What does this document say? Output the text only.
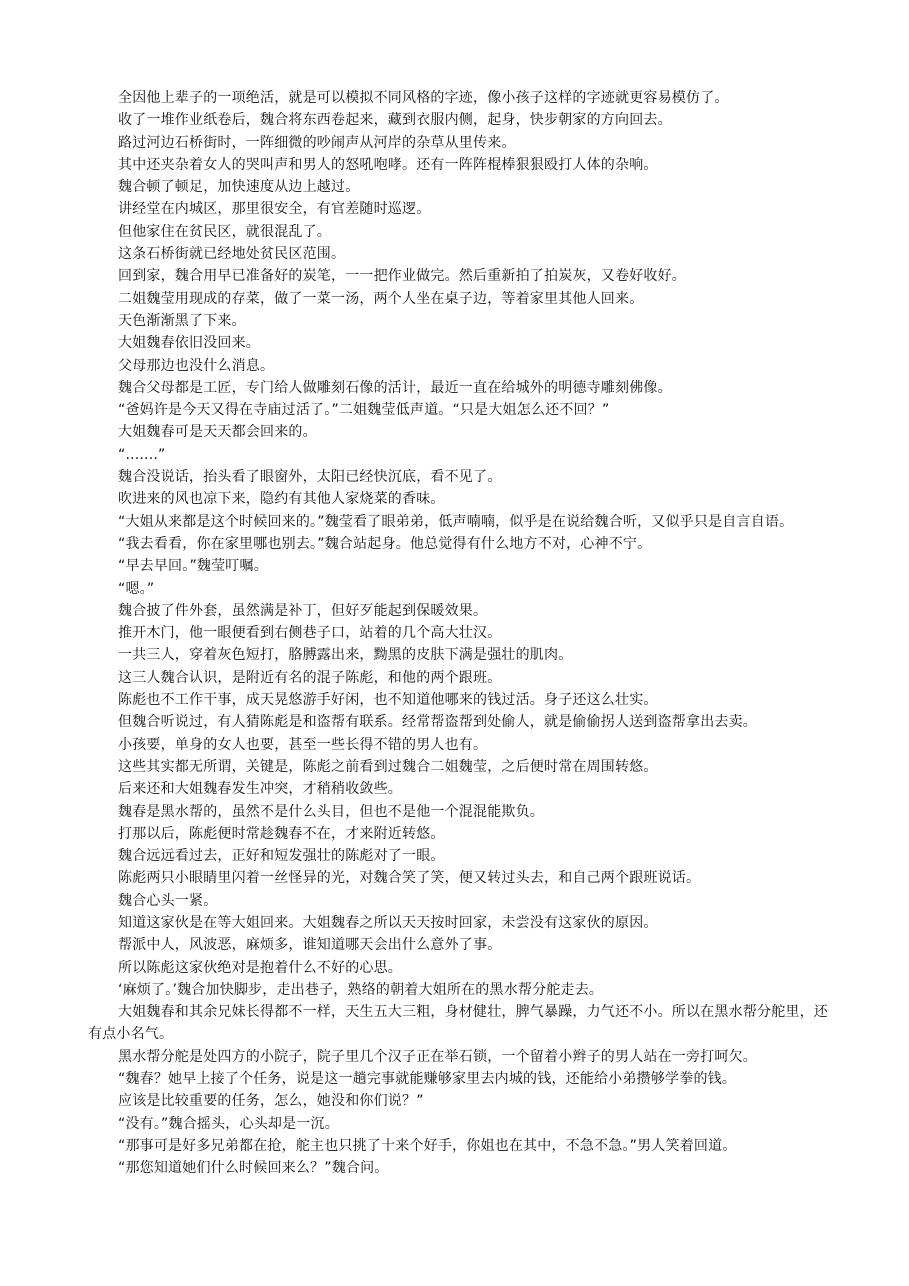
全因他上辈子的一项绝活，就是可以模拟不同风格的字迹，像小孩子这样的字迹就更容易模仿了。

收了一堆作业纸卷后，魏合将东西卷起来，藏到衣服内侧，起身，快步朝家的方向回去。

路过河边石桥街时，一阵细微的吵闹声从河岸的杂草从里传来。

其中还夹杂着女人的哭叫声和男人的怒吼咆哮。还有一阵阵棍棒狠狠殴打人体的杂响。

魏合顿了顿足，加快速度从边上越过。

讲经堂在内城区，那里很安全，有官差随时巡逻。

但他家住在贫民区，就很混乱了。

这条石桥街就已经地处贫民区范围。

回到家，魏合用早已准备好的炭笔，一一把作业做完。然后重新拍了拍炭灰，又卷好收好。

二姐魏莹用现成的存菜，做了一菜一汤，两个人坐在桌子边，等着家里其他人回来。

天色渐渐黑了下来。

大姐魏春依旧没回来。

父母那边也没什么消息。

魏合父母都是工匠，专门给人做雕刻石像的活计，最近一直在给城外的明德寺雕刻佛像。

“爸妈许是今天又得在寺庙过活了。”二姐魏莹低声道。“只是大姐怎么还不回？”

大姐魏春可是天天都会回来的。

“.......”

魏合没说话，抬头看了眼窗外，太阳已经快沉底，看不见了。

吹进来的风也凉下来，隐约有其他人家烧菜的香味。

“大姐从来都是这个时候回来的。”魏莹看了眼弟弟，低声喃喃，似乎是在说给魏合听，又似乎只是自言自语。

“我去看看，你在家里哪也别去。”魏合站起身。他总觉得有什么地方不对，心神不宁。

“早去早回。”魏莹叮嘱。

“嗯。”

魏合披了件外套，虽然满是补丁，但好歹能起到保暖效果。

推开木门，他一眼便看到右侧巷子口，站着的几个高大壮汉。

一共三人，穿着灰色短打，胳膊露出来，黝黑的皮肤下满是强壮的肌肉。

这三人魏合认识，是附近有名的混子陈彪，和他的两个跟班。

陈彪也不工作干事，成天晃悠游手好闲，也不知道他哪来的钱过活。身子还这么壮实。

但魏合听说过，有人猜陈彪是和盗帮有联系。经常帮盗帮到处偷人，就是偷偷拐人送到盗帮拿出去卖。

小孩要，单身的女人也要，甚至一些长得不错的男人也有。

这些其实都无所谓，关键是，陈彪之前看到过魏合二姐魏莹，之后便时常在周围转悠。

后来还和大姐魏春发生冲突，才稍稍收敛些。

魏春是黑水帮的，虽然不是什么头目，但也不是他一个混混能欺负。

打那以后，陈彪便时常趁魏春不在，才来附近转悠。

魏合远远看过去，正好和短发强壮的陈彪对了一眼。

陈彪两只小眼睛里闪着一丝怪异的光，对魏合笑了笑，便又转过头去，和自己两个跟班说话。

魏合心头一紧。

知道这家伙是在等大姐回来。大姐魏春之所以天天按时回家，未尝没有这家伙的原因。

帮派中人，风波恶，麻烦多，谁知道哪天会出什么意外了事。

所以陈彪这家伙绝对是抱着什么不好的心思。

‘麻烦了。’魏合加快脚步，走出巷子，熟络的朝着大姐所在的黑水帮分舵走去。

大姐魏春和其余兄妹长得都不一样，天生五大三粗，身材健壮，脾气暴躁，力气还不小。所以在黑水帮分舵里，还有点小名气。

黑水帮分舵是处四方的小院子，院子里几个汉子正在举石锁，一个留着小辫子的男人站在一旁打呵欠。

“魏春？她早上接了个任务，说是这一趟完事就能赚够家里去内城的钱，还能给小弟攒够学拳的钱。

应该是比较重要的任务，怎么，她没和你们说？”

“没有。”魏合摇头，心头却是一沉。

“那事可是好多兄弟都在抢，舵主也只挑了十来个好手，你姐也在其中，不急不急。”男人笑着回道。

“那您知道她们什么时候回来么？”魏合问。
